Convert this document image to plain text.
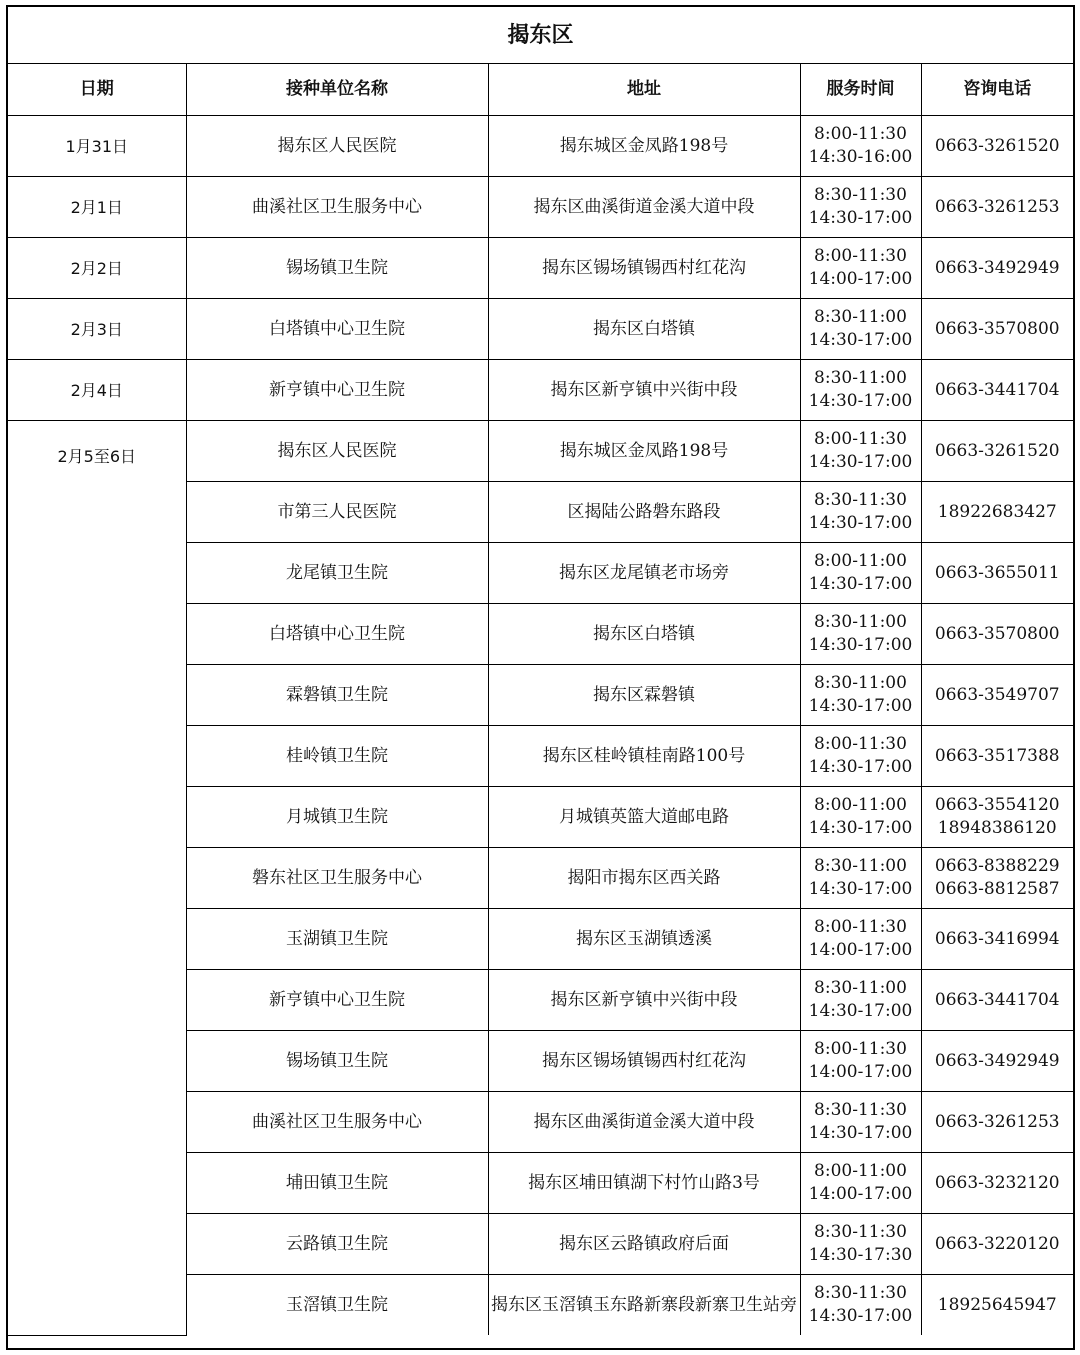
揭东区				
日期	接种单位名称	地址	服务时间	咨询电话
1月31日	揭东区人民医院	揭东城区金凤路198号	8:00-11:30
14:30-16:00	0663-3261520

2月1日	曲溪社区卫生服务中心	揭东区曲溪街道金溪大道中段	8:30-11:30
14:30-17:00	0663-3261253

2月2日	锡场镇卫生院	揭东区锡场镇锡西村红花沟	8:00-11:30
14:00-17:00	0663-3492949

2月3日	白塔镇中心卫生院	揭东区白塔镇	8:30-11:00
14:30-17:00	0663-3570800

2月4日	新亨镇中心卫生院	揭东区新亨镇中兴街中段	8:30-11:00
14:30-17:00	0663-3441704

2月5至6日	揭东区人民医院	揭东城区金凤路198号	8:00-11:30
14:30-17:00	0663-3261520

	市第三人民医院	区揭陆公路磐东路段	8:30-11:30
14:30-17:00	18922683427

	龙尾镇卫生院	揭东区龙尾镇老市场旁	8:00-11:00
14:30-17:00	0663-3655011

	白塔镇中心卫生院	揭东区白塔镇	8:30-11:00
14:30-17:00	0663-3570800

	霖磐镇卫生院	揭东区霖磐镇	8:30-11:00
14:30-17:00	0663-3549707

	桂岭镇卫生院	揭东区桂岭镇桂南路100号	8:00-11:30
14:30-17:00	0663-3517388

	月城镇卫生院	月城镇英篮大道邮电路	8:00-11:00
14:30-17:00	0663-3554120
18948386120

	磐东社区卫生服务中心	揭阳市揭东区西关路	8:30-11:00
14:30-17:00	0663-8388229
0663-8812587

	玉湖镇卫生院	揭东区玉湖镇透溪	8:00-11:30
14:00-17:00	0663-3416994

	新亨镇中心卫生院	揭东区新亨镇中兴街中段	8:30-11:00
14:30-17:00	0663-3441704

	锡场镇卫生院	揭东区锡场镇锡西村红花沟	8:00-11:30
14:00-17:00	0663-3492949

	曲溪社区卫生服务中心	揭东区曲溪街道金溪大道中段	8:30-11:30
14:30-17:00	0663-3261253

	埔田镇卫生院	揭东区埔田镇湖下村竹山路3号	8:00-11:00
14:00-17:00	0663-3232120

	云路镇卫生院	揭东区云路镇政府后面	8:30-11:30
14:30-17:30	0663-3220120

	玉滘镇卫生院	揭东区玉滘镇玉东路新寨段新寨卫生站旁	8:30-11:30
14:30-17:00	18925645947
